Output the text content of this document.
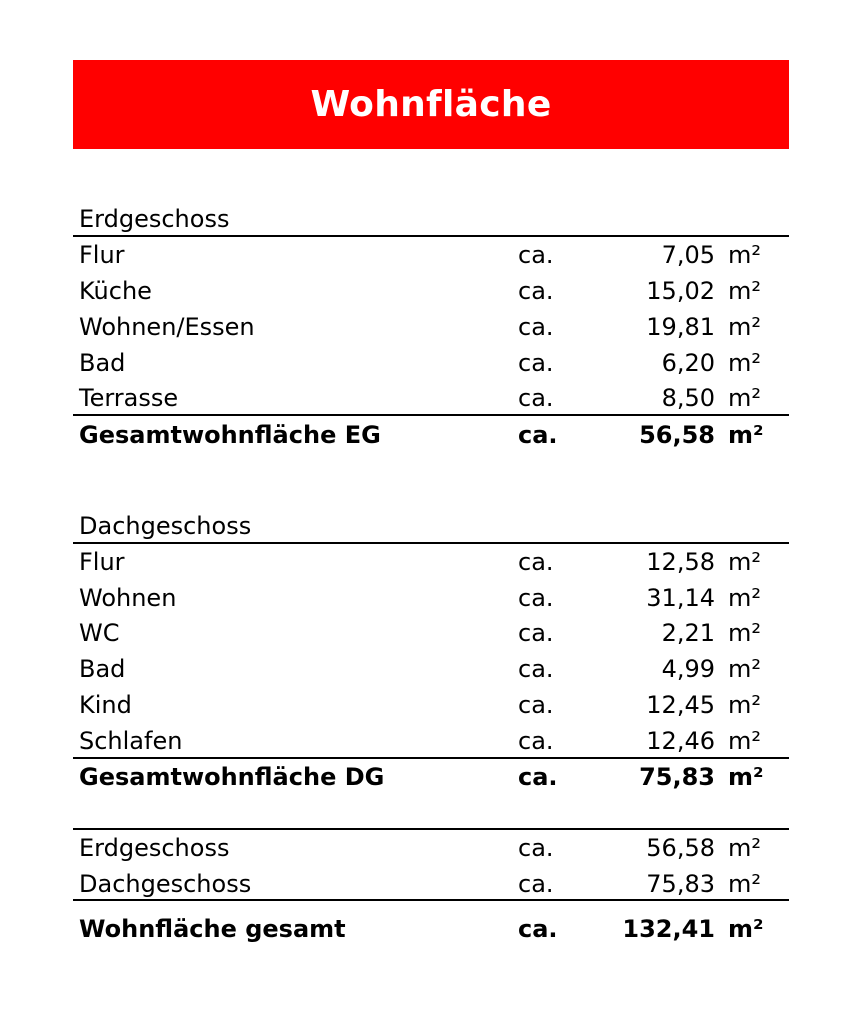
Wohnfläche
Erdgeschoss
Flur	ca.	7,05 m²
Küche	ca.	15,02 m²
Wohnen/Essen	ca.	19,81 m²
Bad	ca.	6,20 m²
Terrasse	ca.	8,50 m²
Gesamtwohnfläche EG	ca.	56,58 m²
Dachgeschoss
Flur	ca.	12,58 m²
Wohnen	ca.	31,14 m²
WC	ca.	2,21 m²
Bad	ca.	4,99 m²
Kind	ca.	12,45 m²
Schlafen	ca.	12,46 m²
Gesamtwohnfläche DG	ca.	75,83 m²
Erdgeschoss	ca.	56,58 m²
Dachgeschoss	ca.	75,83 m²
Wohnfläche gesamt	ca.	132,41 m²
